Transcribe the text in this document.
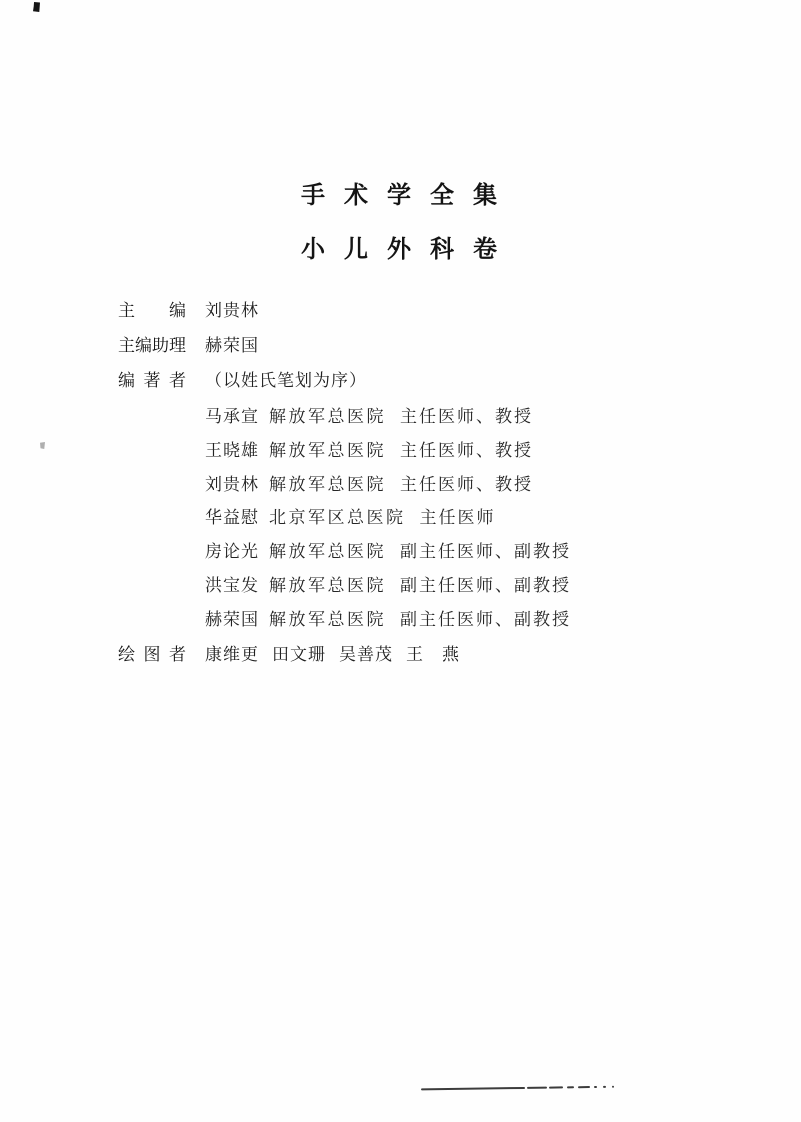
手术学全集
小儿外科卷
主编 刘贵林
主编助理 赫荣国
编著者 （以姓氏笔划为序）
马承宣 解放军总医院 主任医师、教授
王晓雄 解放军总医院 主任医师、教授
刘贵林 解放军总医院 主任医师、教授
华益慰 北京军区总医院 主任医师
房论光 解放军总医院 副主任医师、副教授
洪宝发 解放军总医院 副主任医师、副教授
赫荣国 解放军总医院 副主任医师、副教授
绘图者 康维更 田文珊 吴善茂 王　燕
